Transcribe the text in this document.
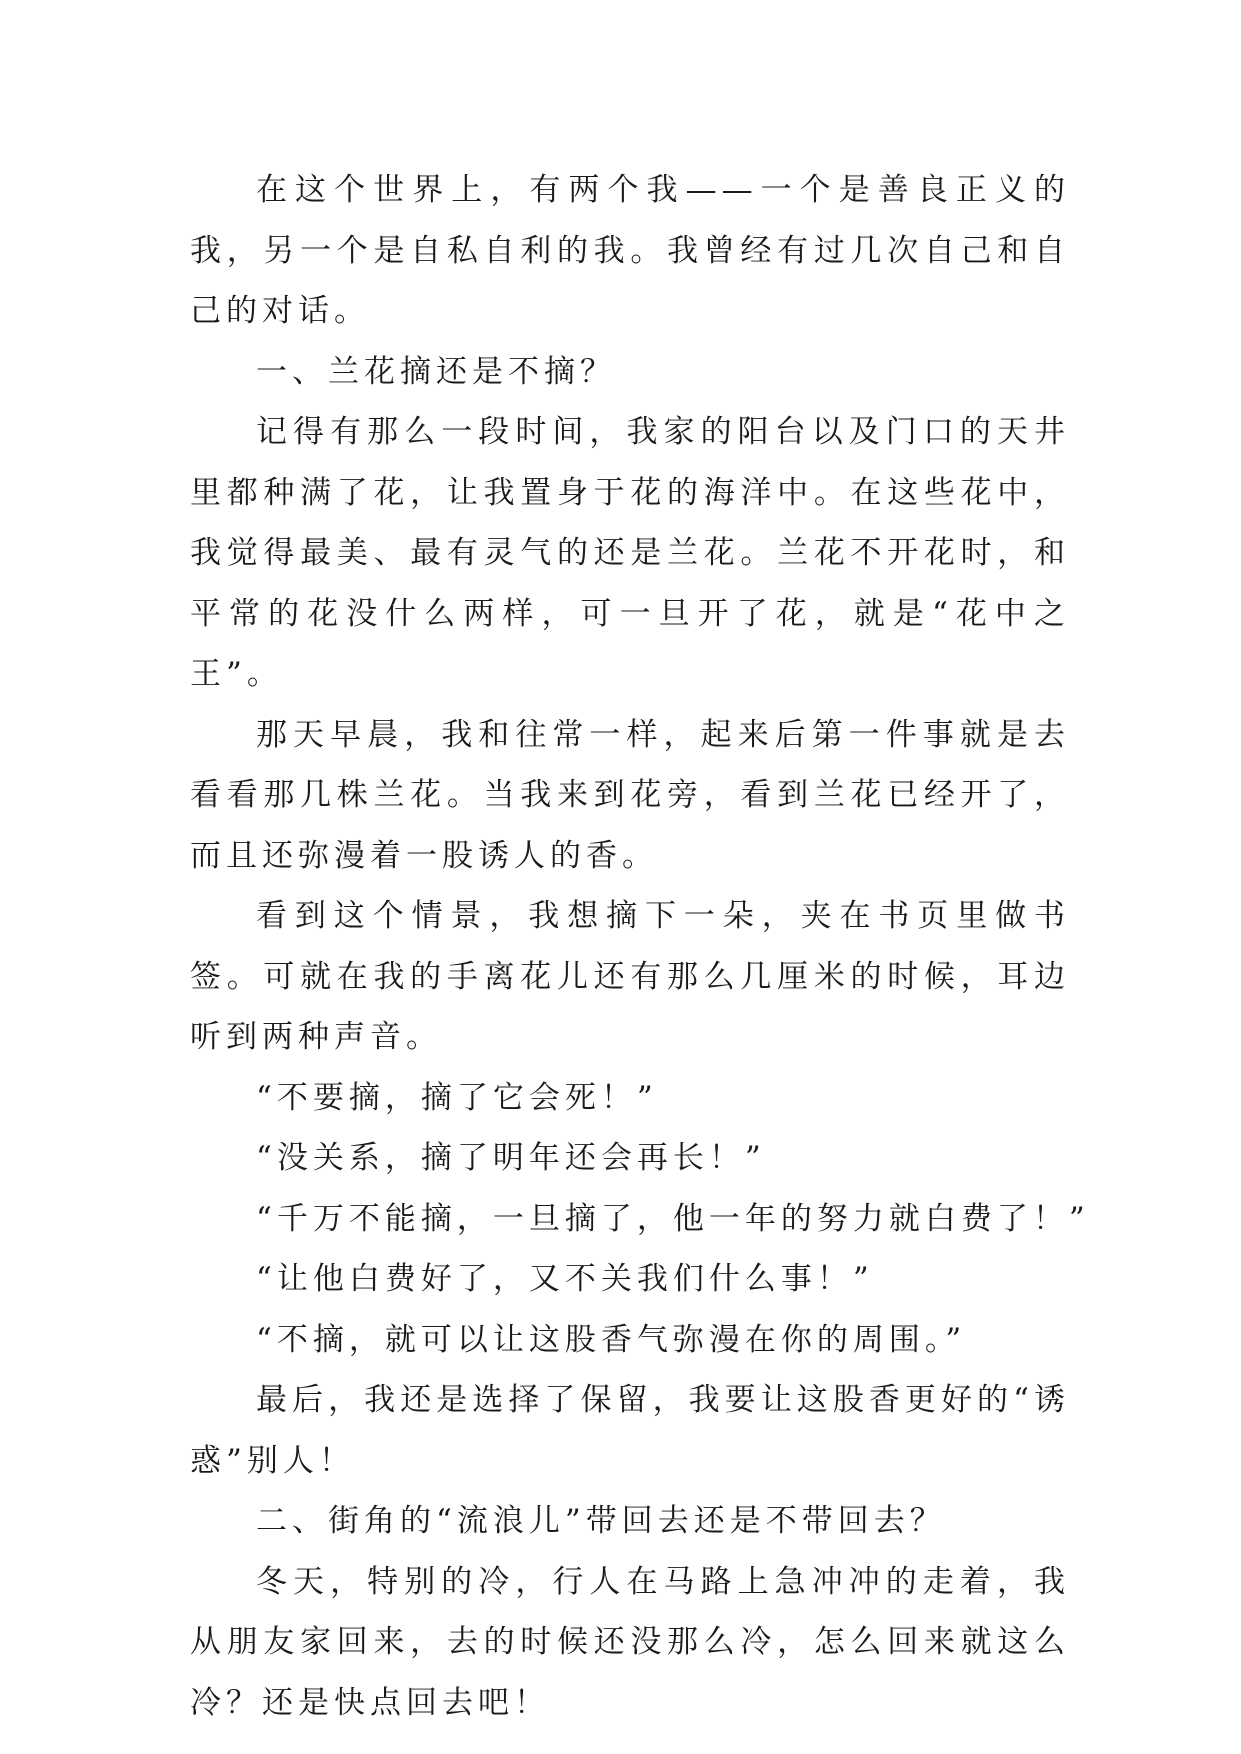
在这个世界上，有两个我——一个是善良正义的我，另一个是自私自利的我。我曾经有过几次自己和自己的对话。

一、兰花摘还是不摘？

记得有那么一段时间，我家的阳台以及门口的天井里都种满了花，让我置身于花的海洋中。在这些花中，我觉得最美、最有灵气的还是兰花。兰花不开花时，和平常的花没什么两样，可一旦开了花，就是“花中之王”。

那天早晨，我和往常一样，起来后第一件事就是去看看那几株兰花。当我来到花旁，看到兰花已经开了，而且还弥漫着一股诱人的香。

看到这个情景，我想摘下一朵，夹在书页里做书签。可就在我的手离花儿还有那么几厘米的时候，耳边听到两种声音。

“不要摘，摘了它会死！”

“没关系，摘了明年还会再长！”

“千万不能摘，一旦摘了，他一年的努力就白费了！”

“让他白费好了，又不关我们什么事！”

“不摘，就可以让这股香气弥漫在你的周围。”

最后，我还是选择了保留，我要让这股香更好的“诱惑”别人！

二、街角的“流浪儿”带回去还是不带回去？

冬天，特别的冷，行人在马路上急冲冲的走着，我从朋友家回来，去的时候还没那么冷，怎么回来就这么冷？还是快点回去吧！
